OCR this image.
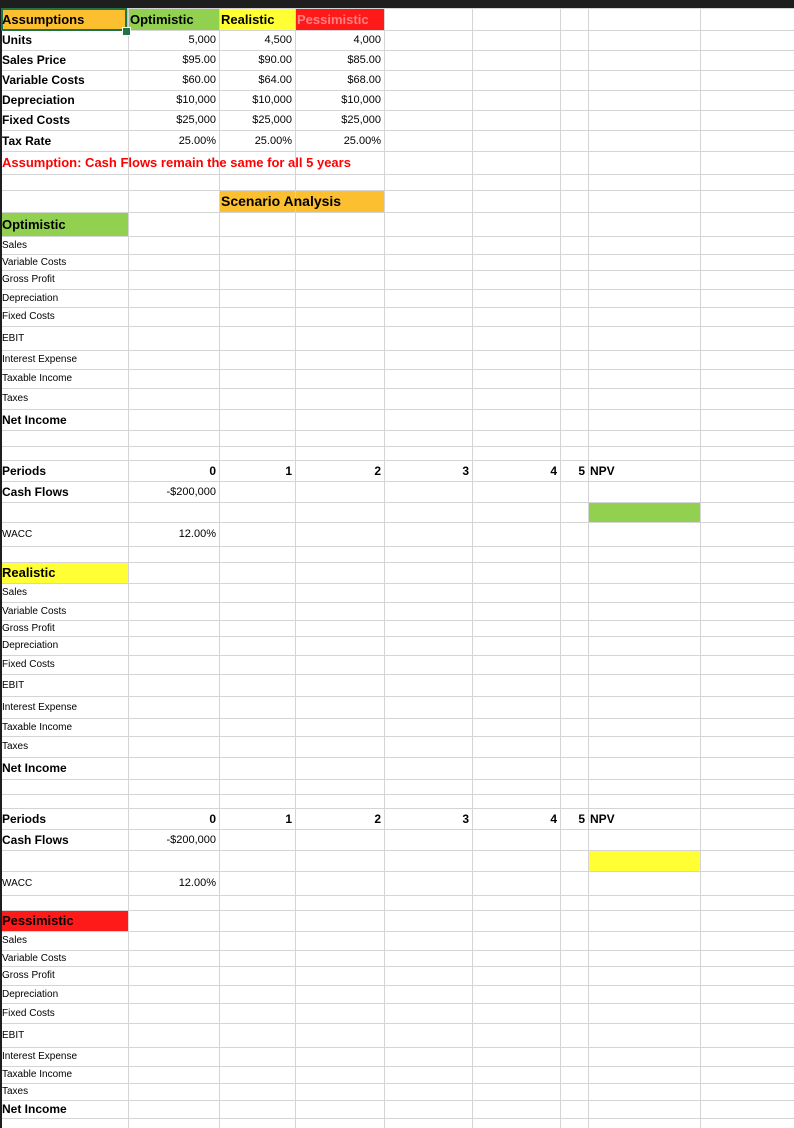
Assumptions	Optimistic	Realistic	Pessimistic
Units	5,000	4,500	4,000
Sales Price	$95.00	$90.00	$85.00
Variable Costs	$60.00	$64.00	$68.00
Depreciation	$10,000	$10,000	$10,000
Fixed Costs	$25,000	$25,000	$25,000
Tax Rate	25.00%	25.00%	25.00%
Assumption: Cash Flows remain the same for all 5 years
Scenario Analysis
Optimistic
Sales
Variable Costs
Gross Profit
Depreciation
Fixed Costs
EBIT
Interest Expense
Taxable Income
Taxes
Net Income
Periods	0	1	2	3	4	5 NPV
Cash Flows	-$200,000
WACC	12.00%
Realistic
Sales
Variable Costs
Gross Profit
Depreciation
Fixed Costs
EBIT
Interest Expense
Taxable Income
Taxes
Net Income
Periods	0	1	2	3	4	5 NPV
Cash Flows	-$200,000
WACC	12.00%
Pessimistic
Sales
Variable Costs
Gross Profit
Depreciation
Fixed Costs
EBIT
Interest Expense
Taxable Income
Taxes
Net Income
